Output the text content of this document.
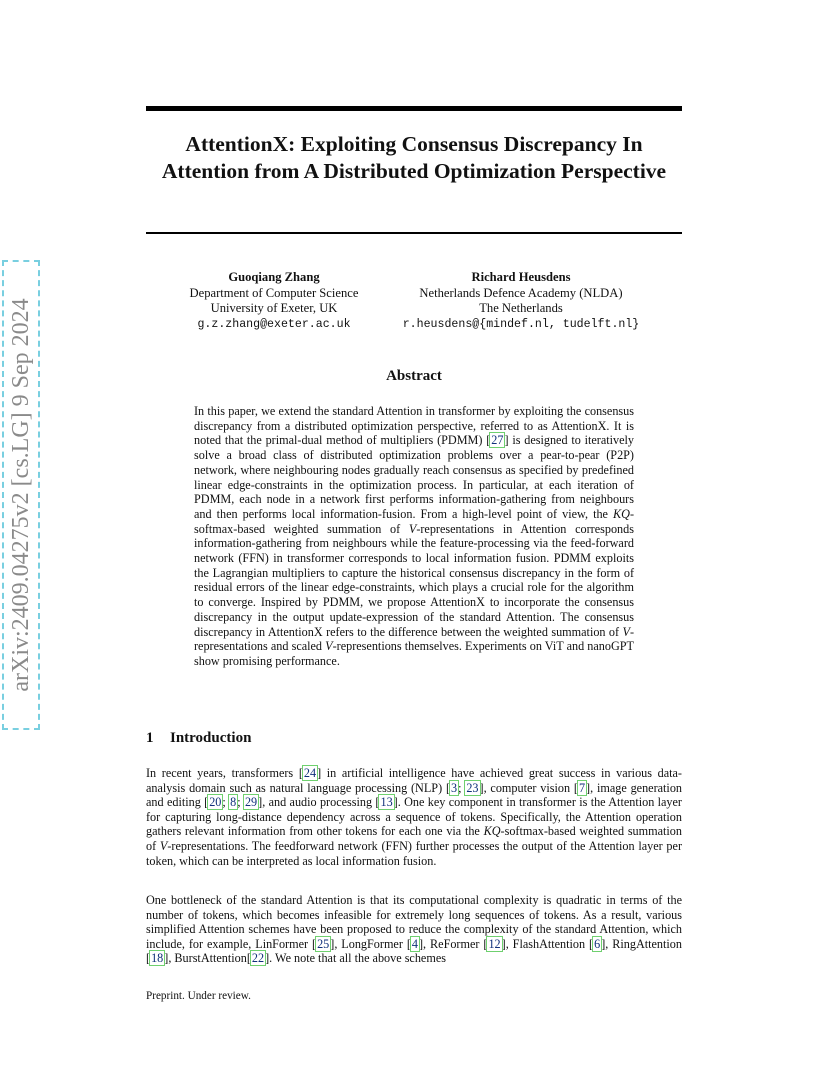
arXiv:2409.04275v2 [cs.LG] 9 Sep 2024
AttentionX: Exploiting Consensus Discrepancy In Attention from A Distributed Optimization Perspective
Guoqiang Zhang
Department of Computer Science
University of Exeter, UK
g.z.zhang@exeter.ac.uk
Richard Heusdens
Netherlands Defence Academy (NLDA)
The Netherlands
r.heusdens@{mindef.nl, tudelft.nl}
Abstract
In this paper, we extend the standard Attention in transformer by exploiting the consensus discrepancy from a distributed optimization perspective, referred to as AttentionX. It is noted that the primal-dual method of multipliers (PDMM) [27] is designed to iteratively solve a broad class of distributed optimization problems over a pear-to-pear (P2P) network, where neighbouring nodes gradually reach consensus as specified by predefined linear edge-constraints in the optimization process. In particular, at each iteration of PDMM, each node in a network first performs information-gathering from neighbours and then performs local information-fusion. From a high-level point of view, the KQ-softmax-based weighted summation of V-representations in Attention corresponds information-gathering from neighbours while the feature-processing via the feed-forward network (FFN) in transformer corresponds to local information fusion. PDMM exploits the Lagrangian multipliers to capture the historical consensus discrepancy in the form of residual errors of the linear edge-constraints, which plays a crucial role for the algorithm to converge. Inspired by PDMM, we propose AttentionX to incorporate the consensus discrepancy in the output update-expression of the standard Attention. The consensus discrepancy in AttentionX refers to the difference between the weighted summation of V-representations and scaled V-representions themselves. Experiments on ViT and nanoGPT show promising performance.
1 Introduction

In recent years, transformers [24] in artificial intelligence have achieved great success in various data-analysis domain such as natural language processing (NLP) [3; 23], computer vision [7], image generation and editing [20; 8; 29], and audio processing [13]. One key component in transformer is the Attention layer for capturing long-distance dependency across a sequence of tokens. Specifically, the Attention operation gathers relevant information from other tokens for each one via the KQ-softmax-based weighted summation of V-representations. The feedforward network (FFN) further processes the output of the Attention layer per token, which can be interpreted as local information fusion.

One bottleneck of the standard Attention is that its computational complexity is quadratic in terms of the number of tokens, which becomes infeasible for extremely long sequences of tokens. As a result, various simplified Attention schemes have been proposed to reduce the complexity of the standard Attention, which include, for example, LinFormer [25], LongFormer [4], ReFormer [12], FlashAttention [6], RingAttention [18], BurstAttention[22]. We note that all the above schemes

Preprint. Under review.
